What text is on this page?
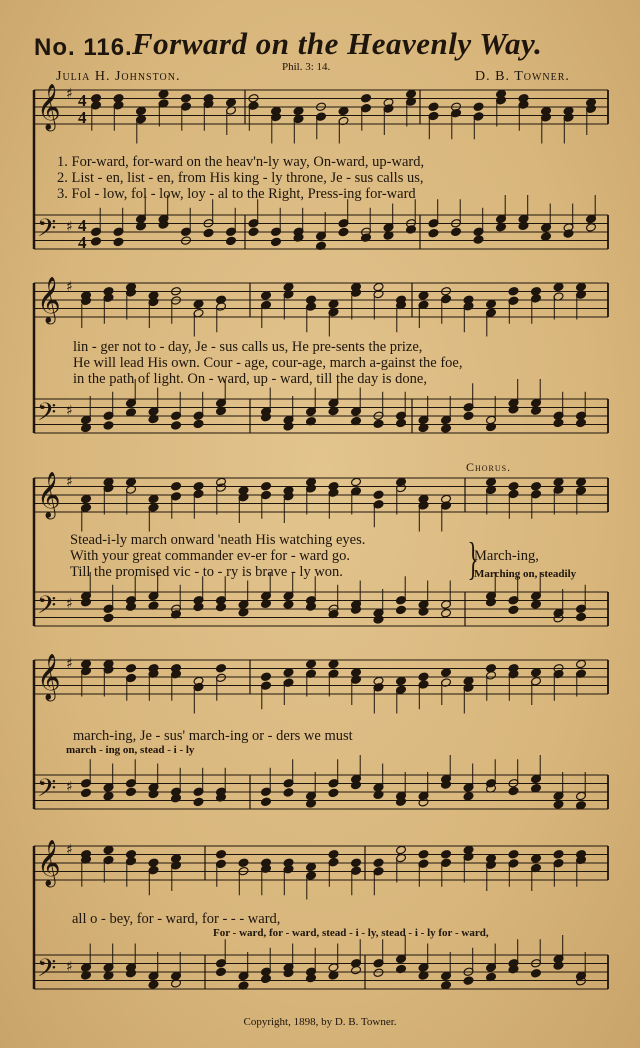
No. 116. Forward on the Heavenly Way.
Phil. 3: 14.
Julia H. Johnston.	D. B. Towner.
𝄞 ♯ 4
4
𝄢 ♯ 4
4
𝄞 ♯
𝄢 ♯
𝄞 ♯
𝄢 ♯
𝄞 ♯
𝄢 ♯
𝄞 ♯
𝄢 ♯
1. For-ward, for-ward on the heav'n-ly way, On-ward, up-ward,
2. List - en, list - en, from His king - ly throne, Je - sus calls us,
3. Fol - low, fol - low, loy - al to the Right, Press-ing for-ward
lin - ger not to - day, Je - sus calls us, He pre-sents the prize,
He will lead His own. Cour - age, cour-age, march a-gainst the foe,
in the path of light. On - ward, up - ward, till the day is done,
Chorus.
Stead-i-ly march onward 'neath His watching eyes.
With your great commander ev-er for - ward go.
Till the promised vic - to - ry is brave - ly won.	}
March-ing,
Marching on, steadily
march-ing, Je - sus' march-ing or - ders we must
march - ing on, stead - i - ly
all o - bey, for - ward, for - - - ward,
For - ward, for - ward, stead - i - ly, stead - i - ly for - ward,
Copyright, 1898, by D. B. Towner.
